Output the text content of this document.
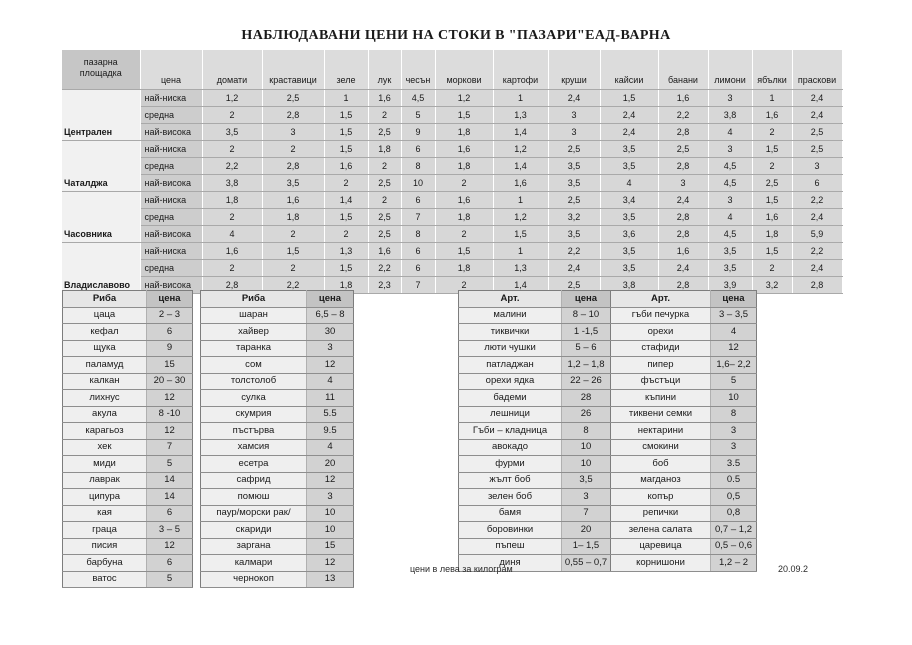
НАБЛЮДАВАНИ ЦЕНИ НА СТОКИ В "ПАЗАРИ"ЕАД-ВАРНА
пазарна
площадка	цена	домати	краставици	зеле	лук	чесън	моркови	картофи	круши	кайсии	банани	лимони	ябълки	праскови
Централен	най-ниска	1,2	2,5	1	1,6	4,5	1,2	1	2,4	1,5	1,6	3	1	2,4
	средна	2	2,8	1,5	2	5	1,5	1,3	3	2,4	2,2	3,8	1,6	2,4
	най-висока	3,5	3	1,5	2,5	9	1,8	1,4	3	2,4	2,8	4	2	2,5
Чаталджа	най-ниска	2	2	1,5	1,8	6	1,6	1,2	2,5	3,5	2,5	3	1,5	2,5
	средна	2,2	2,8	1,6	2	8	1,8	1,4	3,5	3,5	2,8	4,5	2	3
	най-висока	3,8	3,5	2	2,5	10	2	1,6	3,5	4	3	4,5	2,5	6
Часовника	най-ниска	1,8	1,6	1,4	2	6	1,6	1	2,5	3,4	2,4	3	1,5	2,2
	средна	2	1,8	1,5	2,5	7	1,8	1,2	3,2	3,5	2,8	4	1,6	2,4
	най-висока	4	2	2	2,5	8	2	1,5	3,5	3,6	2,8	4,5	1,8	5,9
Владиславово	най-ниска	1,6	1,5	1,3	1,6	6	1,5	1	2,2	3,5	1,6	3,5	1,5	2,2
	средна	2	2	1,5	2,2	6	1,8	1,3	2,4	3,5	2,4	3,5	2	2,4
	най-висока	2,8	2,2	1,8	2,3	7	2	1,4	2,5	3,8	2,8	3,9	3,2	2,8
Риба	цена
цаца	2 – 3
кефал	6
щука	9
паламуд	15
калкан	20 – 30
лихнус	12
акула	8 -10
карагьоз	12
хек	7
миди	5
лаврак	14
ципура	14
кая	6
граца	3 – 5
писия	12
барбуна	6
ватос	5
Риба	цена
шаран	6,5 – 8
хайвер	30
таранка	3
сом	12
толстолоб	4
сулка	11
скумрия	5.5
пъстърва	9.5
хамсия	4
есетра	20
сафрид	12
помюш	3
паур/морски рак/	10
скариди	10
заргана	15
калмари	12
чернокоп	13
Арт.	цена	Арт.	цена
малини	8 – 10	гъби печурка	3 – 3,5
тиквички	1 -1,5	орехи	4
люти чушки	5 – 6	стафиди	12
патладжан	1,2 – 1,8	пипер	1,6– 2,2
орехи ядка	22 – 26	фъстъци	5
бадеми	28	къпини	10
лешници	26	тиквени семки	8
Гъби – кладница	8	нектарини	3
авокадо	10	смокини	3
фурми	10	боб	3.5
жълт боб	3,5	магданоз	0.5
зелен боб	3	копър	0,5
бамя	7	репички	0,8
боровинки	20	зелена салата	0,7 – 1,2
пъпеш	1– 1,5	царевица	0,5 – 0,6
диня	0,55 – 0,7	корнишони	1,2 – 2
цени в лева за килограм	20.09.2
